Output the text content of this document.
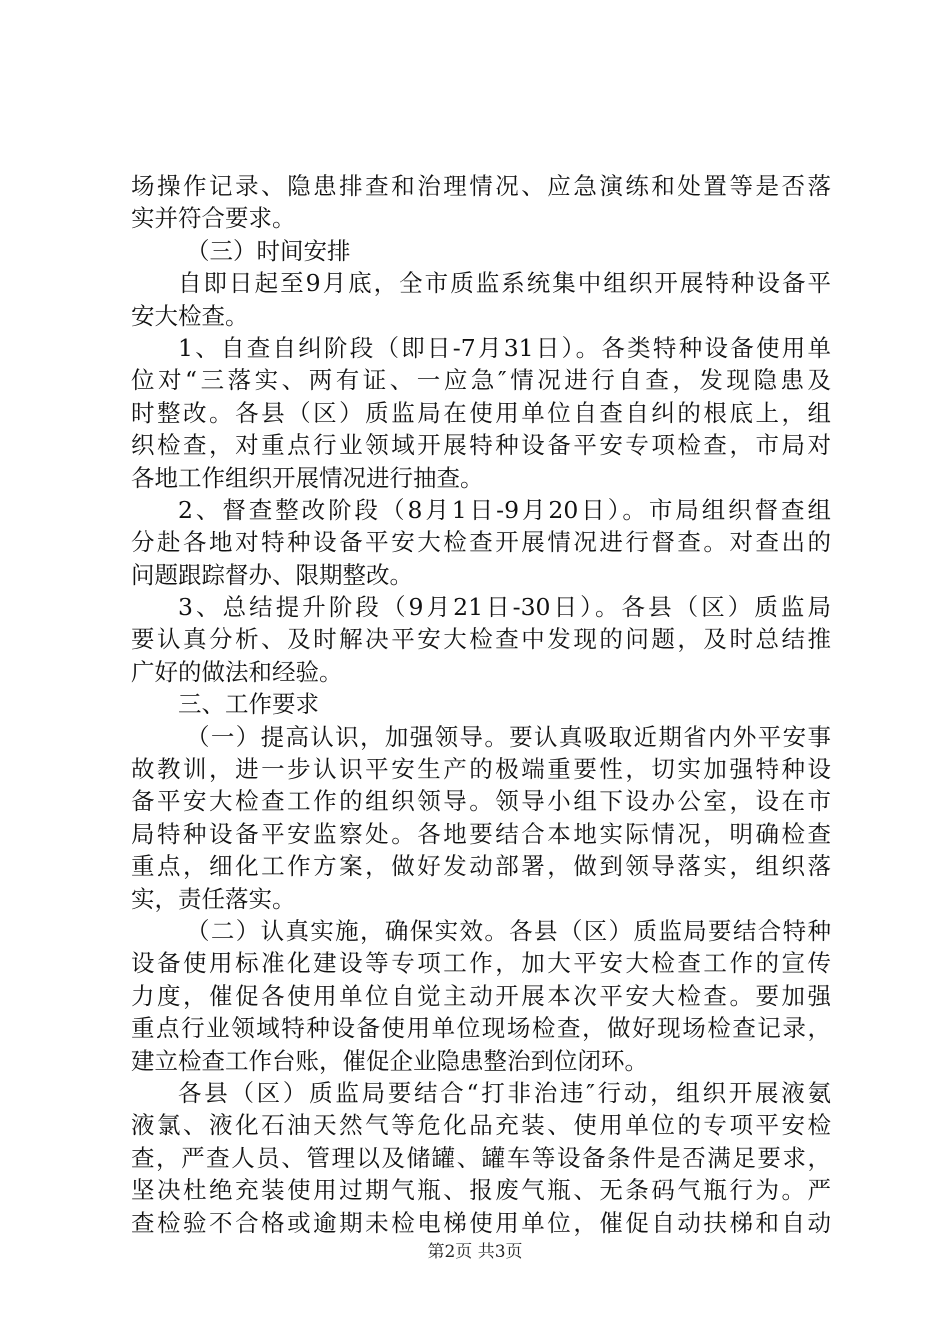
场操作记录、隐患排查和治理情况、应急演练和处置等是否落
实并符合要求。
（三）时间安排
自即日起至9月底，全市质监系统集中组织开展特种设备平
安大检查。
1、自查自纠阶段（即日-7月31日）。各类特种设备使用单
位对“三落实、两有证、一应急″情况进行自查，发现隐患及
时整改。各县（区）质监局在使用单位自查自纠的根底上，组
织检查，对重点行业领域开展特种设备平安专项检查，市局对
各地工作组织开展情况进行抽查。
2、督查整改阶段（8月1日-9月20日）。市局组织督查组
分赴各地对特种设备平安大检查开展情况进行督查。对查出的
问题跟踪督办、限期整改。
3、总结提升阶段（9月21日-30日）。各县（区）质监局
要认真分析、及时解决平安大检查中发现的问题，及时总结推
广好的做法和经验。
三、工作要求
（一）提高认识，加强领导。要认真吸取近期省内外平安事
故教训，进一步认识平安生产的极端重要性，切实加强特种设
备平安大检查工作的组织领导。领导小组下设办公室，设在市
局特种设备平安监察处。各地要结合本地实际情况，明确检查
重点，细化工作方案，做好发动部署，做到领导落实，组织落
实，责任落实。
（二）认真实施，确保实效。各县（区）质监局要结合特种
设备使用标准化建设等专项工作，加大平安大检查工作的宣传
力度，催促各使用单位自觉主动开展本次平安大检查。要加强
重点行业领域特种设备使用单位现场检查，做好现场检查记录，
建立检查工作台账，催促企业隐患整治到位闭环。
各县（区）质监局要结合“打非治违″行动，组织开展液氨
液氯、液化石油天然气等危化品充装、使用单位的专项平安检
查，严查人员、管理以及储罐、罐车等设备条件是否满足要求，
坚决杜绝充装使用过期气瓶、报废气瓶、无条码气瓶行为。严
查检验不合格或逾期未检电梯使用单位，催促自动扶梯和自动
第2页 共3页
